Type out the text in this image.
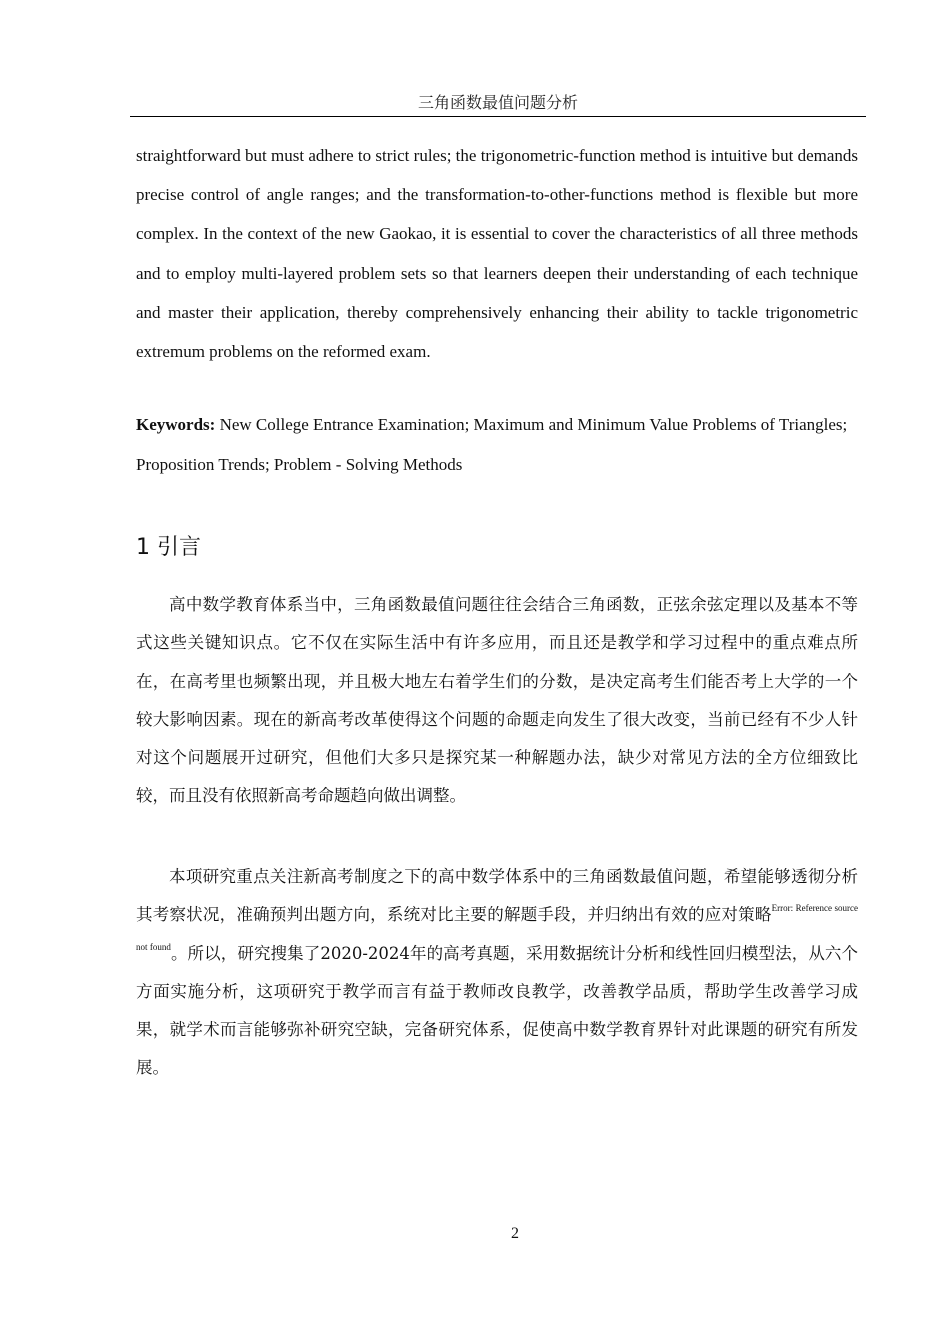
三角函数最值问题分析

straightforward but must adhere to strict rules; the trigonometric-function method is intuitive but demands precise control of angle ranges; and the transformation-to-other-functions method is flexible but more complex. In the context of the new Gaokao, it is essential to cover the characteristics of all three methods and to employ multi-layered problem sets so that learners deepen their understanding of each technique and master their application, thereby comprehensively enhancing their ability to tackle trigonometric extremum problems on the reformed exam.

Keywords: New College Entrance Examination; Maximum and Minimum Value Problems of Triangles; Proposition Trends; Problem - Solving Methods

1 引言

高中数学教育体系当中，三角函数最值问题往往会结合三角函数，正弦余弦定理以及基本不等式这些关键知识点。它不仅在实际生活中有许多应用，而且还是教学和学习过程中的重点难点所在，在高考里也频繁出现，并且极大地左右着学生们的分数，是决定高考生们能否考上大学的一个较大影响因素。现在的新高考改革使得这个问题的命题走向发生了很大改变，当前已经有不少人针对这个问题展开过研究，但他们大多只是探究某一种解题办法，缺少对常见方法的全方位细致比较，而且没有依照新高考命题趋向做出调整。

本项研究重点关注新高考制度之下的高中数学体系中的三角函数最值问题，希望能够透彻分析其考察状况，准确预判出题方向，系统对比主要的解题手段，并归纳出有效的应对策略$^{Error: Reference source not found}$。所以，研究搜集了2020-2024年的高考真题，采用数据统计分析和线性回归模型法，从六个方面实施分析，这项研究于教学而言有益于教师改良教学，改善教学品质，帮助学生改善学习成果，就学术而言能够弥补研究空缺，完备研究体系，促使高中数学教育界针对此课题的研究有所发展。

2
